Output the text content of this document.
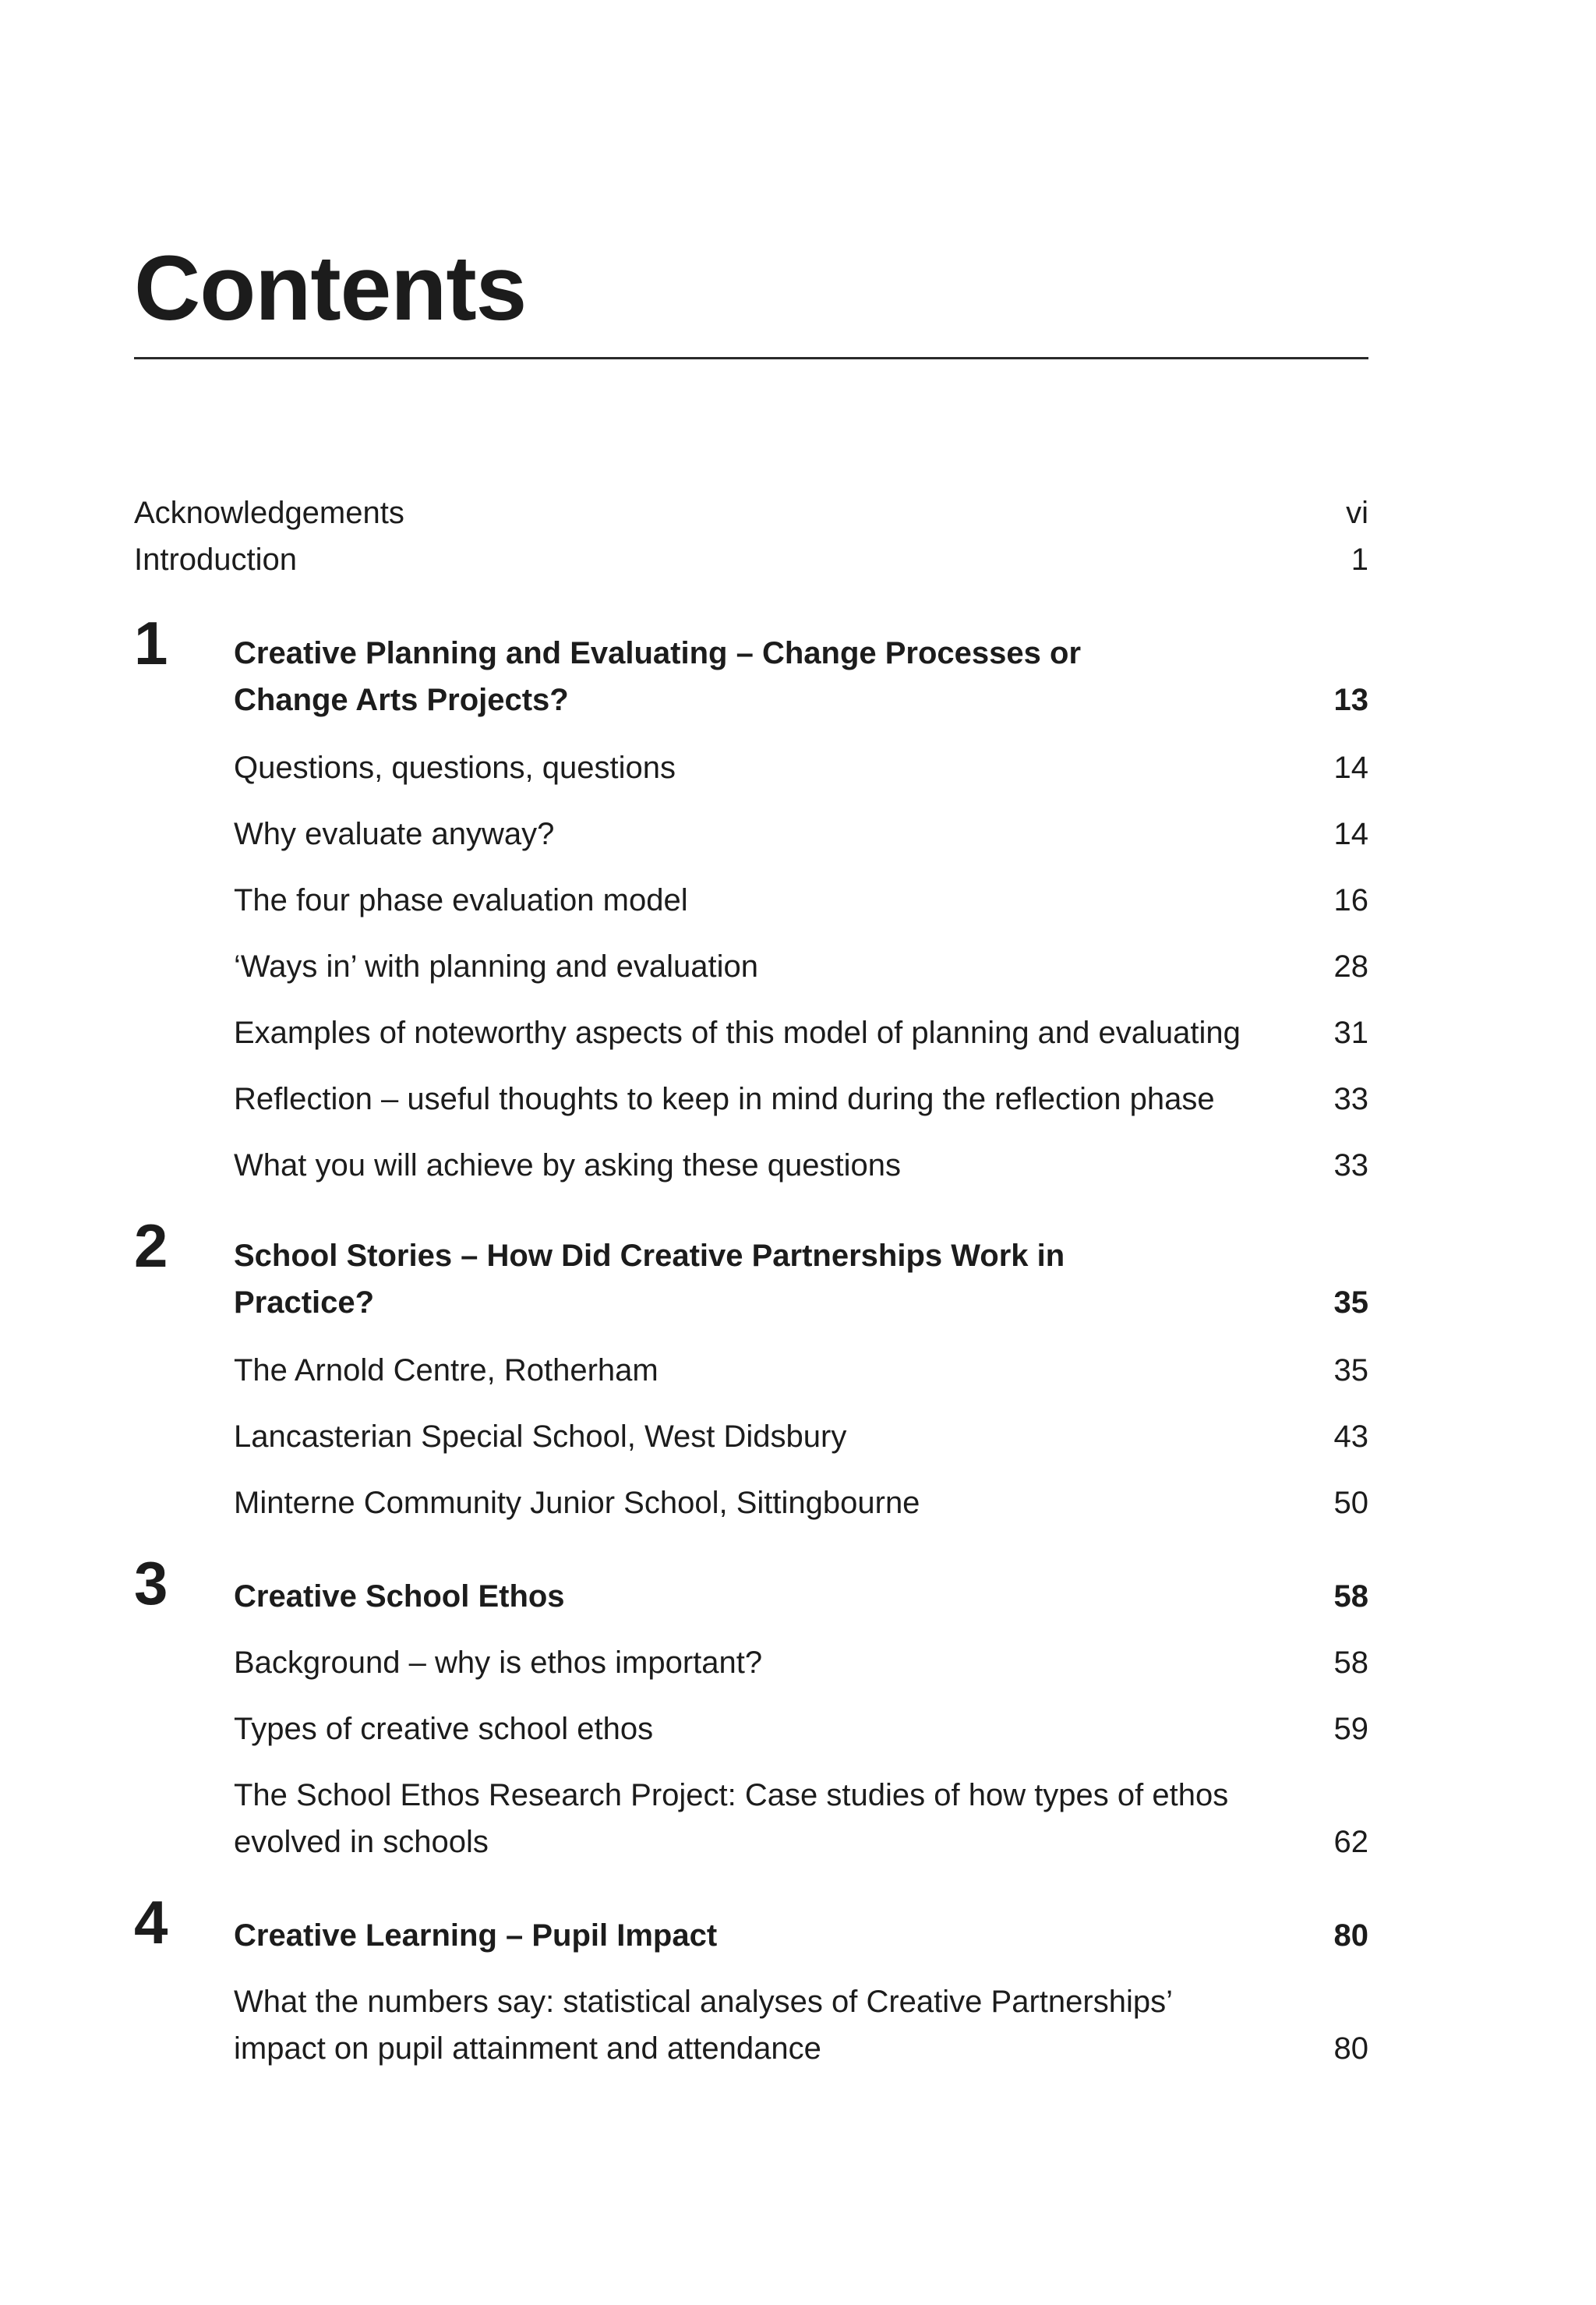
Contents
Acknowledgements	vi
Introduction	1
1 Creative Planning and Evaluating – Change Processes or Change Arts Projects?	13
Questions, questions, questions	14
Why evaluate anyway?	14
The four phase evaluation model	16
‘Ways in’ with planning and evaluation	28
Examples of noteworthy aspects of this model of planning and evaluating	31
Reflection – useful thoughts to keep in mind during the reflection phase	33
What you will achieve by asking these questions	33
2 School Stories – How Did Creative Partnerships Work in Practice?	35
The Arnold Centre, Rotherham	35
Lancasterian Special School, West Didsbury	43
Minterne Community Junior School, Sittingbourne	50
3 Creative School Ethos	58
Background – why is ethos important?	58
Types of creative school ethos	59
The School Ethos Research Project: Case studies of how types of ethos evolved in schools	62
4 Creative Learning – Pupil Impact	80
What the numbers say: statistical analyses of Creative Partnerships’ impact on pupil attainment and attendance	80
